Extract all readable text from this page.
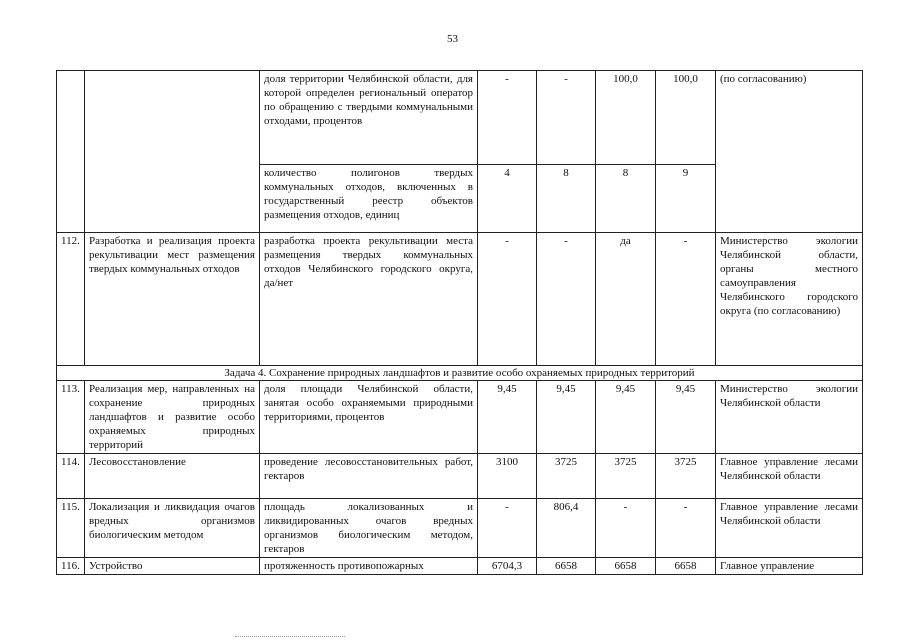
53
		доля территории Челябинской области, для которой определен региональный оператор по обращению с твердыми коммунальными отходами, процентов	-	-	100,0	100,0	(по согласованию)
		количество полигонов твердых коммунальных отходов, включенных в государственный реестр объектов размещения отходов, единиц	4	8	8	9	
112.	Разработка и реализация проекта рекультивации мест размещения твердых коммунальных отходов	разработка проекта рекультивации места размещения твердых коммунальных отходов Челябинского городского округа, да/нет	-	-	да	-	Министерство экологии Челябинской области, органы местного самоуправления Челябинского городского округа (по согласованию)
Задача 4. Сохранение природных ландшафтов и развитие особо охраняемых природных территорий							
113.	Реализация мер, направленных на сохранение природных ландшафтов и развитие особо охраняемых природных территорий	доля площади Челябинской области, занятая особо охраняемыми природными территориями, процентов	9,45	9,45	9,45	9,45	Министерство экологии Челябинской области
114.	Лесовосстановление	проведение лесовосстановительных работ, гектаров	3100	3725	3725	3725	Главное управление лесами Челябинской области
115.	Локализация и ликвидация очагов вредных организмов биологическим методом	площадь локализованных и ликвидированных очагов вредных организмов биологическим методом, гектаров	-	806,4	-	-	Главное управление лесами Челябинской области
116.	Устройство	протяженность противопожарных	6704,3	6658	6658	6658	Главное управление
